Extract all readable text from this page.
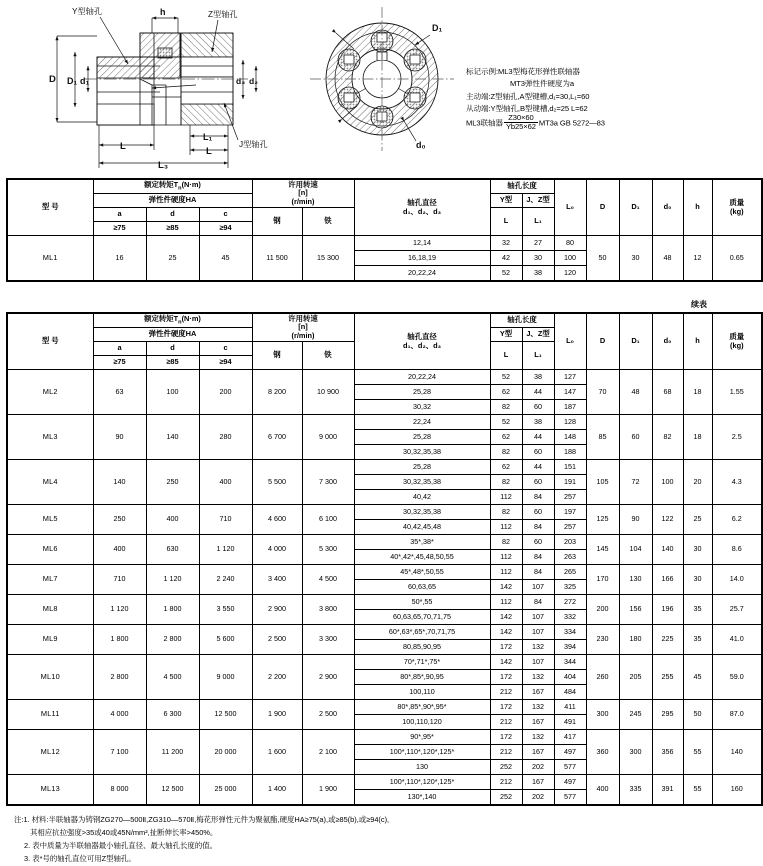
Y型轴孔	Z型轴孔
J型轴孔
h
D D₁ d₁	d₃ d₂
L
L₁
L
L₃
D₁
d₀
标记示例:ML3型梅花形弹性联轴器
MT3弹性件硬度为a
主动端:Z型轴孔,A型键槽,d₁=30,L₁=60
从动端:Y型轴孔,B型键槽,d₂=25 L=62
ML3联轴器 $\frac{Z30\times 60}{Yb25\times 62} MT3a$ GB 5272—83
型 号	额定转矩$T_n(N\cdot m)$			许用转速
[n]
(r/min)		轴孔直径
d₁、d₂、d₃	轴孔长度		L₀	D	D₁	d₀	h	质量
(kg)
	弹性件硬度HA						Y型	J、Z型						
	a	d	c	钢	铁		L	L₁						
	≥75	≥85	≥94											
ML1	16	25	45	11 500	15 300	12,14	32	27	80	50	30	48	12	0.65
						16,18,19	42	30	100					
						20,22,24	52	38	120					
续表
型 号	额定转矩$T_n(N\cdot m)$			许用转速
[n]
(r/min)		轴孔直径
d₁、d₂、d₃	轴孔长度		L₀	D	D₁	d₀	h	质量
(kg)
	弹性件硬度HA						Y型	J、Z型						
	a	d	c	钢	铁		L	L₁						
	≥75	≥85	≥94											
ML2	63	100	200	8 200	10 900	20,22,24	52	38	127	70	48	68	18	1.55
						25,28	62	44	147					
						30,32	82	60	187					
ML3	90	140	280	6 700	9 000	22,24	52	38	128	85	60	82	18	2.5
						25,28	62	44	148					
						30,32,35,38	82	60	188					
ML4	140	250	400	5 500	7 300	25,28	62	44	151	105	72	100	20	4.3
						30,32,35,38	82	60	191					
						40,42	112	84	257					
ML5	250	400	710	4 600	6 100	30,32,35,38	82	60	197	125	90	122	25	6.2
						40,42,45,48	112	84	257					
ML6	400	630	1 120	4 000	5 300	35*,38*	82	60	203	145	104	140	30	8.6
						40*,42*,45,48,50,55	112	84	263					
ML7	710	1 120	2 240	3 400	4 500	45*,48*,50,55	112	84	265	170	130	166	30	14.0
						60,63,65	142	107	325					
ML8	1 120	1 800	3 550	2 900	3 800	50*,55	112	84	272	200	156	196	35	25.7
						60,63,65,70,71,75	142	107	332					
ML9	1 800	2 800	5 600	2 500	3 300	60*,63*,65*,70,71,75	142	107	334	230	180	225	35	41.0
						80,85,90,95	172	132	394					
ML10	2 800	4 500	9 000	2 200	2 900	70*,71*,75*	142	107	344	260	205	255	45	59.0
						80*,85*,90,95	172	132	404					
						100,110	212	167	484					
ML11	4 000	6 300	12 500	1 900	2 500	80*,85*,90*,95*	172	132	411	300	245	295	50	87.0
						100,110,120	212	167	491					
ML12	7 100	11 200	20 000	1 600	2 100	90*,95*	172	132	417	360	300	356	55	140
						100*,110*,120*,125*	212	167	497					
						130	252	202	577					
ML13	8 000	12 500	25 000	1 400	1 900	100*,110*,120*,125*	212	167	497	400	335	391	55	160
						130*,140	252	202	577					
注:1. 材料:半联轴器为铸钢ZG270—500Ⅱ,ZG310—570Ⅱ,梅花形弹性元件为聚氨酯,硬度HA≥75(a),或≥85(b),或≥94(c),
其相应抗拉强度>35或40或45N/mm²,扯断伸长率>450%。
2. 表中质量为半联轴器最小轴孔直径、最大轴孔长度的值。
3. 表*号的轴孔直位可用Z型轴孔。
